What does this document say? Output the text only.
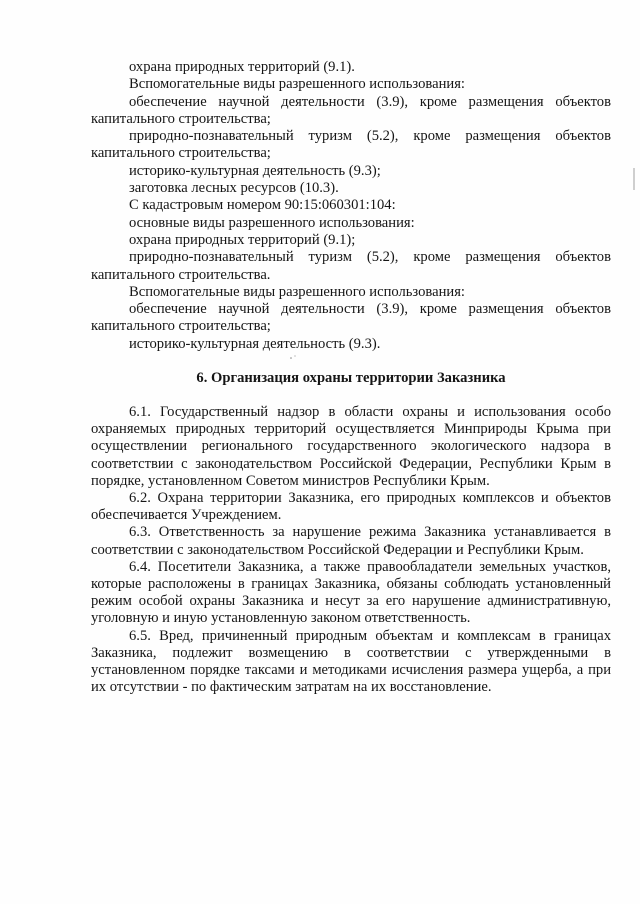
охрана природных территорий (9.1).
Вспомогательные виды разрешенного использования:
обеспечение научной деятельности (3.9), кроме размещения объектов
капитального строительства;
природно-познавательный туризм (5.2), кроме размещения объектов
капитального строительства;
историко-культурная деятельность (9.3);
заготовка лесных ресурсов (10.3).
С кадастровым номером 90:15:060301:104:
основные виды разрешенного использования:
охрана природных территорий (9.1);
природно-познавательный туризм (5.2), кроме размещения объектов
капитального строительства.
Вспомогательные виды разрешенного использования:
обеспечение научной деятельности (3.9), кроме размещения объектов
капитального строительства;
историко-культурная деятельность (9.3).
6. Организация охраны территории Заказника

6.1. Государственный надзор в области охраны и использования особо охраняемых природных территорий осуществляется Минприроды Крыма при осуществлении регионального государственного экологического надзора в соответствии с законодательством Российской Федерации, Республики Крым в порядке, установленном Советом министров Республики Крым.

6.2. Охрана территории Заказника, его природных комплексов и объектов обеспечивается Учреждением.

6.3. Ответственность за нарушение режима Заказника устанавливается в соответствии с законодательством Российской Федерации и Республики Крым.

6.4. Посетители Заказника, а также правообладатели земельных участков, которые расположены в границах Заказника, обязаны соблюдать установленный режим особой охраны Заказника и несут за его нарушение административную, уголовную и иную установленную законом ответственность.

6.5. Вред, причиненный природным объектам и комплексам в границах Заказника, подлежит возмещению в соответствии с утвержденными в установленном порядке таксами и методиками исчисления размера ущерба, а при их отсутствии - по фактическим затратам на их восстановление.
